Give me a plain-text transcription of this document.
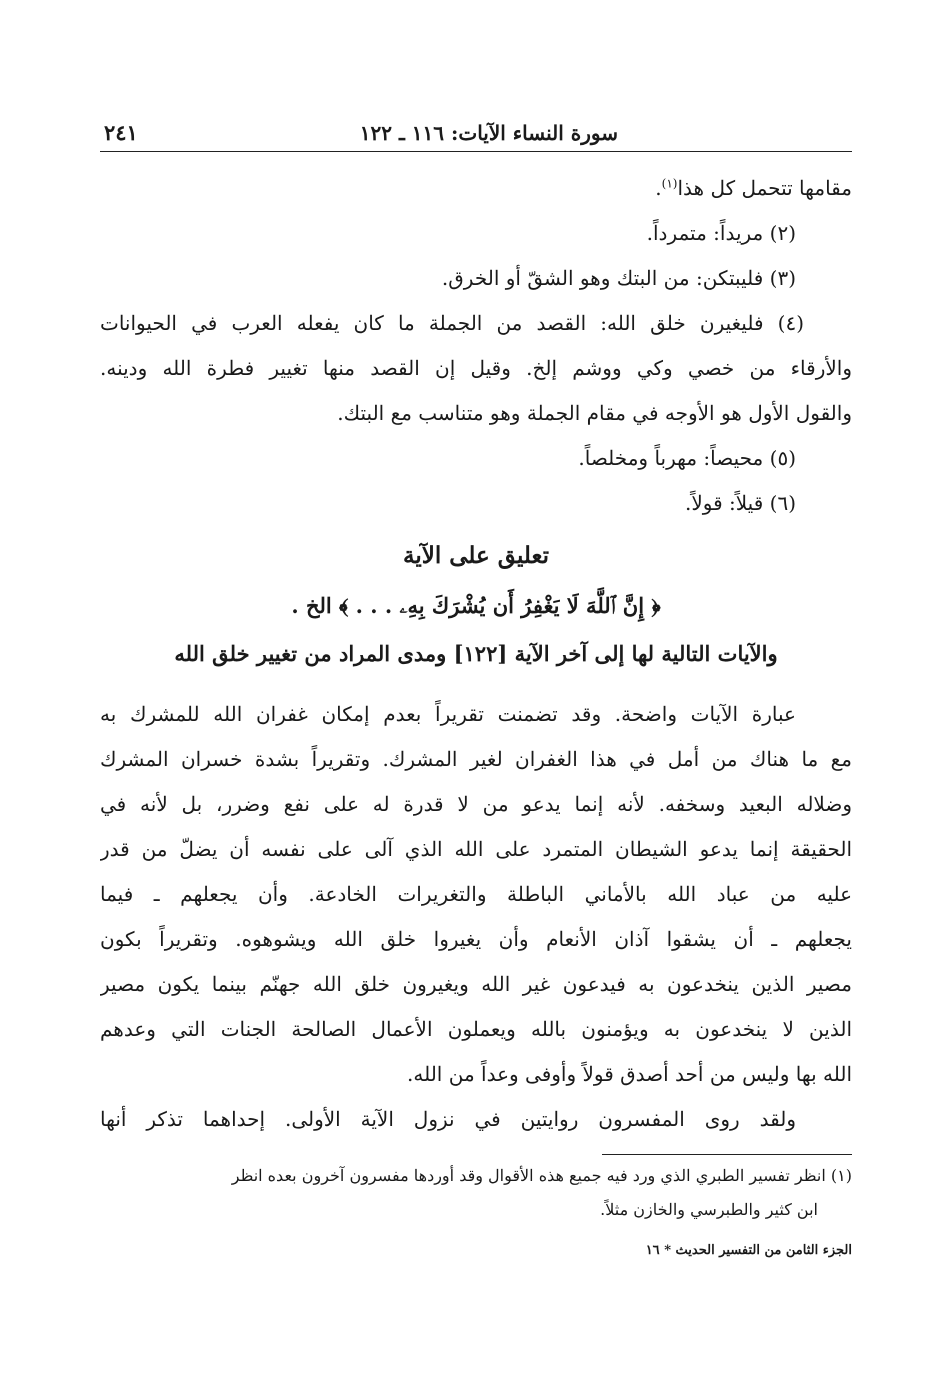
سورة النساء الآيات: ١١٦ ـ ١٢٢
٢٤١
مقامها تتحمل كل هذا$^{(١)}$.
(٢) مريداً: متمرداً.
(٣) فليبتكن: من البتك وهو الشقّ أو الخرق.
(٤) فليغيرن خلق الله: القصد من الجملة ما كان يفعله العرب في الحيوانات
والأرقاء من خصي وكي ووشم إلخ. وقيل إن القصد منها تغيير فطرة الله ودينه.
والقول الأول هو الأوجه في مقام الجملة وهو متناسب مع البتك.
(٥) محيصاً: مهرباً ومخلصاً.
(٦) قيلاً: قولاً.
تعليق على الآية
﴿ إِنَّ ٱللَّهَ لَا يَغْفِرُ أَن يُشْرَكَ بِهِۦ . . . ﴾ الخ .
والآيات التالية لها إلى آخر الآية [١٢٢] ومدى المراد من تغيير خلق الله
عبارة الآيات واضحة. وقد تضمنت تقريراً بعدم إمكان غفران الله للمشرك به
مع ما هناك من أمل في هذا الغفران لغير المشرك. وتقريراً بشدة خسران المشرك
وضلاله البعيد وسخفه. لأنه إنما يدعو من لا قدرة له على نفع وضرر، بل لأنه في
الحقيقة إنما يدعو الشيطان المتمرد على الله الذي آلى على نفسه أن يضلّ من قدر
عليه من عباد الله بالأماني الباطلة والتغريرات الخادعة. وأن يجعلهم ـ فيما
يجعلهم ـ أن يشقوا آذان الأنعام وأن يغيروا خلق الله ويشوهوه. وتقريراً بكون
مصير الذين ينخدعون به فيدعون غير الله ويغيرون خلق الله جهنّم بينما يكون مصير
الذين لا ينخدعون به ويؤمنون بالله ويعملون الأعمال الصالحة الجنات التي وعدهم
الله بها وليس من أحد أصدق قولاً وأوفى وعداً من الله.
ولقد روى المفسرون روايتين في نزول الآية الأولى. إحداهما تذكر أنها
(١) انظر تفسير الطبري الذي ورد فيه جميع هذه الأقوال وقد أوردها مفسرون آخرون بعده انظر
ابن كثير والطبرسي والخازن مثلاً.
الجزء الثامن من التفسير الحديث * ١٦
